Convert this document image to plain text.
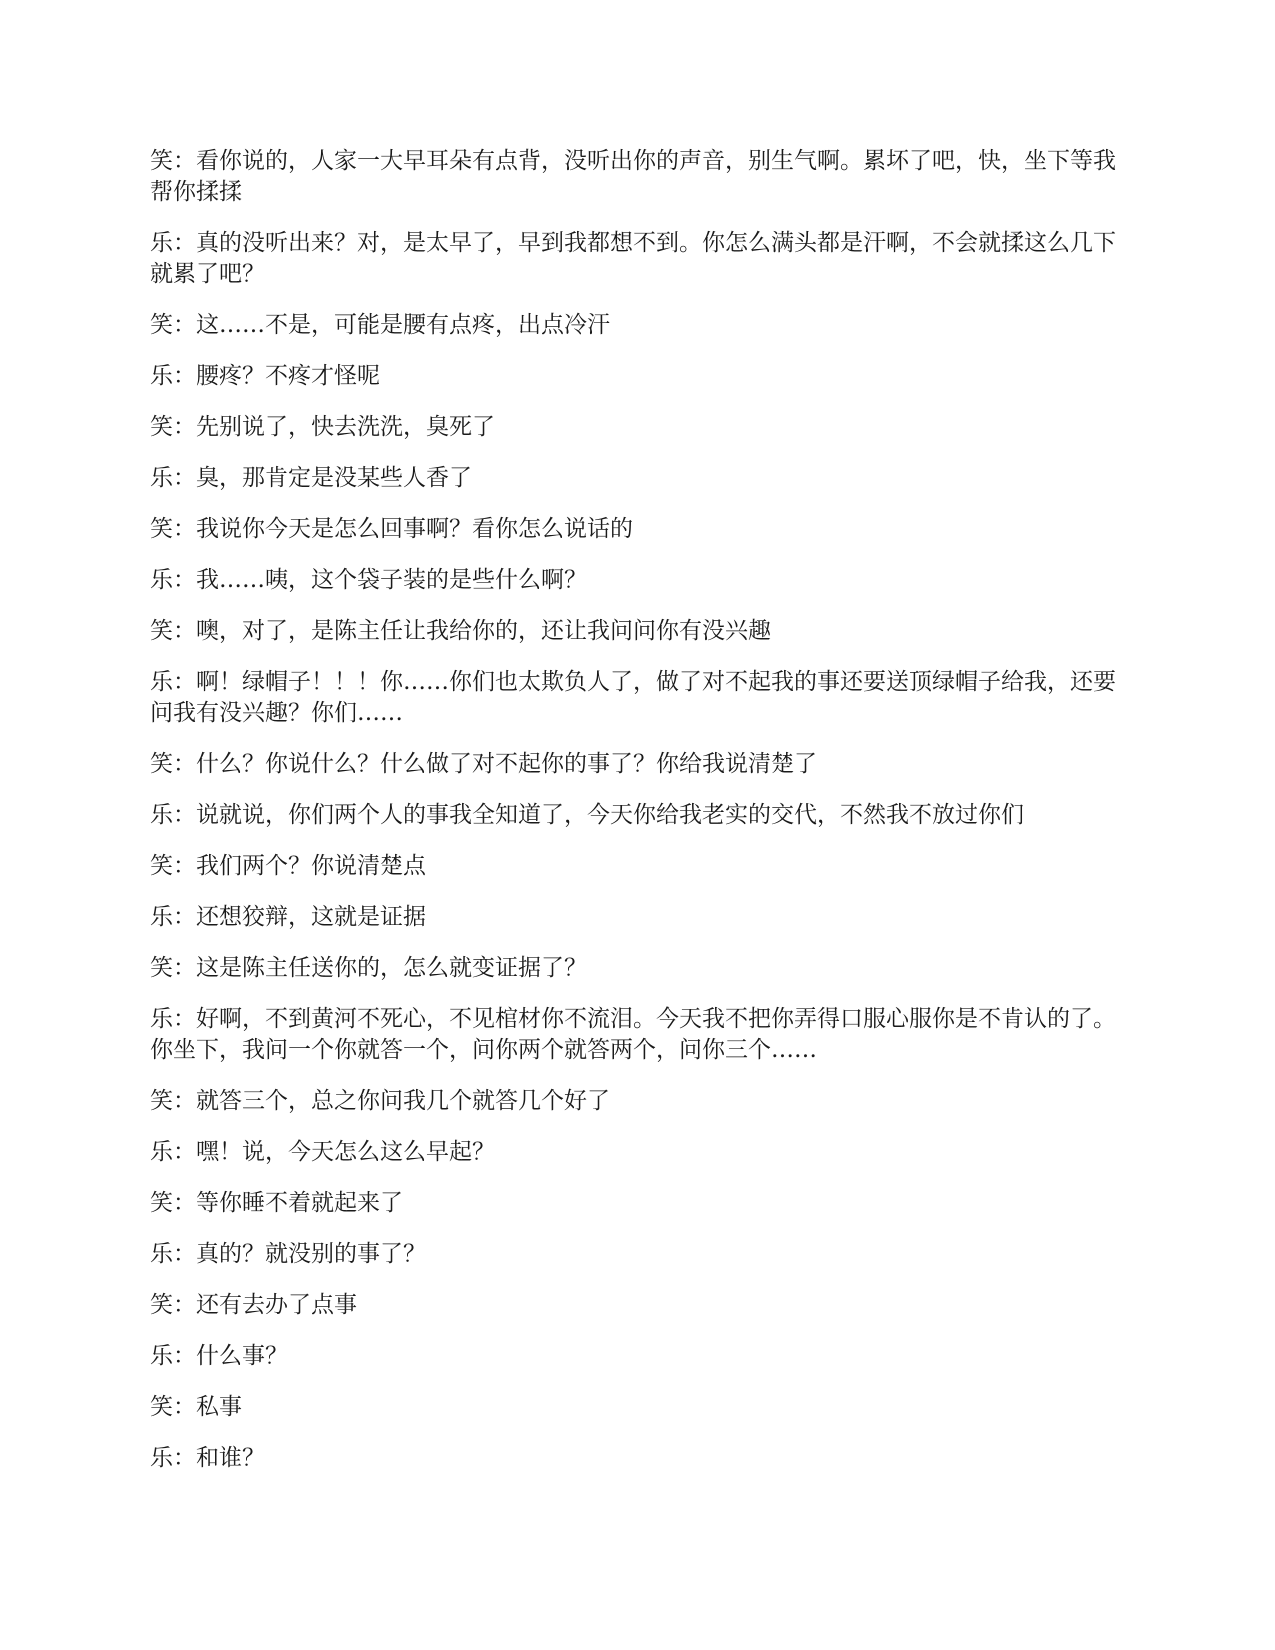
笑：看你说的，人家一大早耳朵有点背，没听出你的声音，别生气啊。累坏了吧，快，坐下等我帮你揉揉

乐：真的没听出来？对，是太早了，早到我都想不到。你怎么满头都是汗啊，不会就揉这么几下就累了吧？

笑：这……不是，可能是腰有点疼，出点冷汗

乐：腰疼？不疼才怪呢

笑：先别说了，快去洗洗，臭死了

乐：臭，那肯定是没某些人香了

笑：我说你今天是怎么回事啊？看你怎么说话的

乐：我……咦，这个袋子装的是些什么啊？

笑：噢，对了，是陈主任让我给你的，还让我问问你有没兴趣

乐：啊！绿帽子！！！你……你们也太欺负人了，做了对不起我的事还要送顶绿帽子给我，还要问我有没兴趣？你们……

笑：什么？你说什么？什么做了对不起你的事了？你给我说清楚了

乐：说就说，你们两个人的事我全知道了，今天你给我老实的交代，不然我不放过你们

笑：我们两个？你说清楚点

乐：还想狡辩，这就是证据

笑：这是陈主任送你的，怎么就变证据了？

乐：好啊，不到黄河不死心，不见棺材你不流泪。今天我不把你弄得口服心服你是不肯认的了。你坐下，我问一个你就答一个，问你两个就答两个，问你三个……

笑：就答三个，总之你问我几个就答几个好了

乐：嘿！说，今天怎么这么早起？

笑：等你睡不着就起来了

乐：真的？就没别的事了？

笑：还有去办了点事

乐：什么事？

笑：私事

乐：和谁？
